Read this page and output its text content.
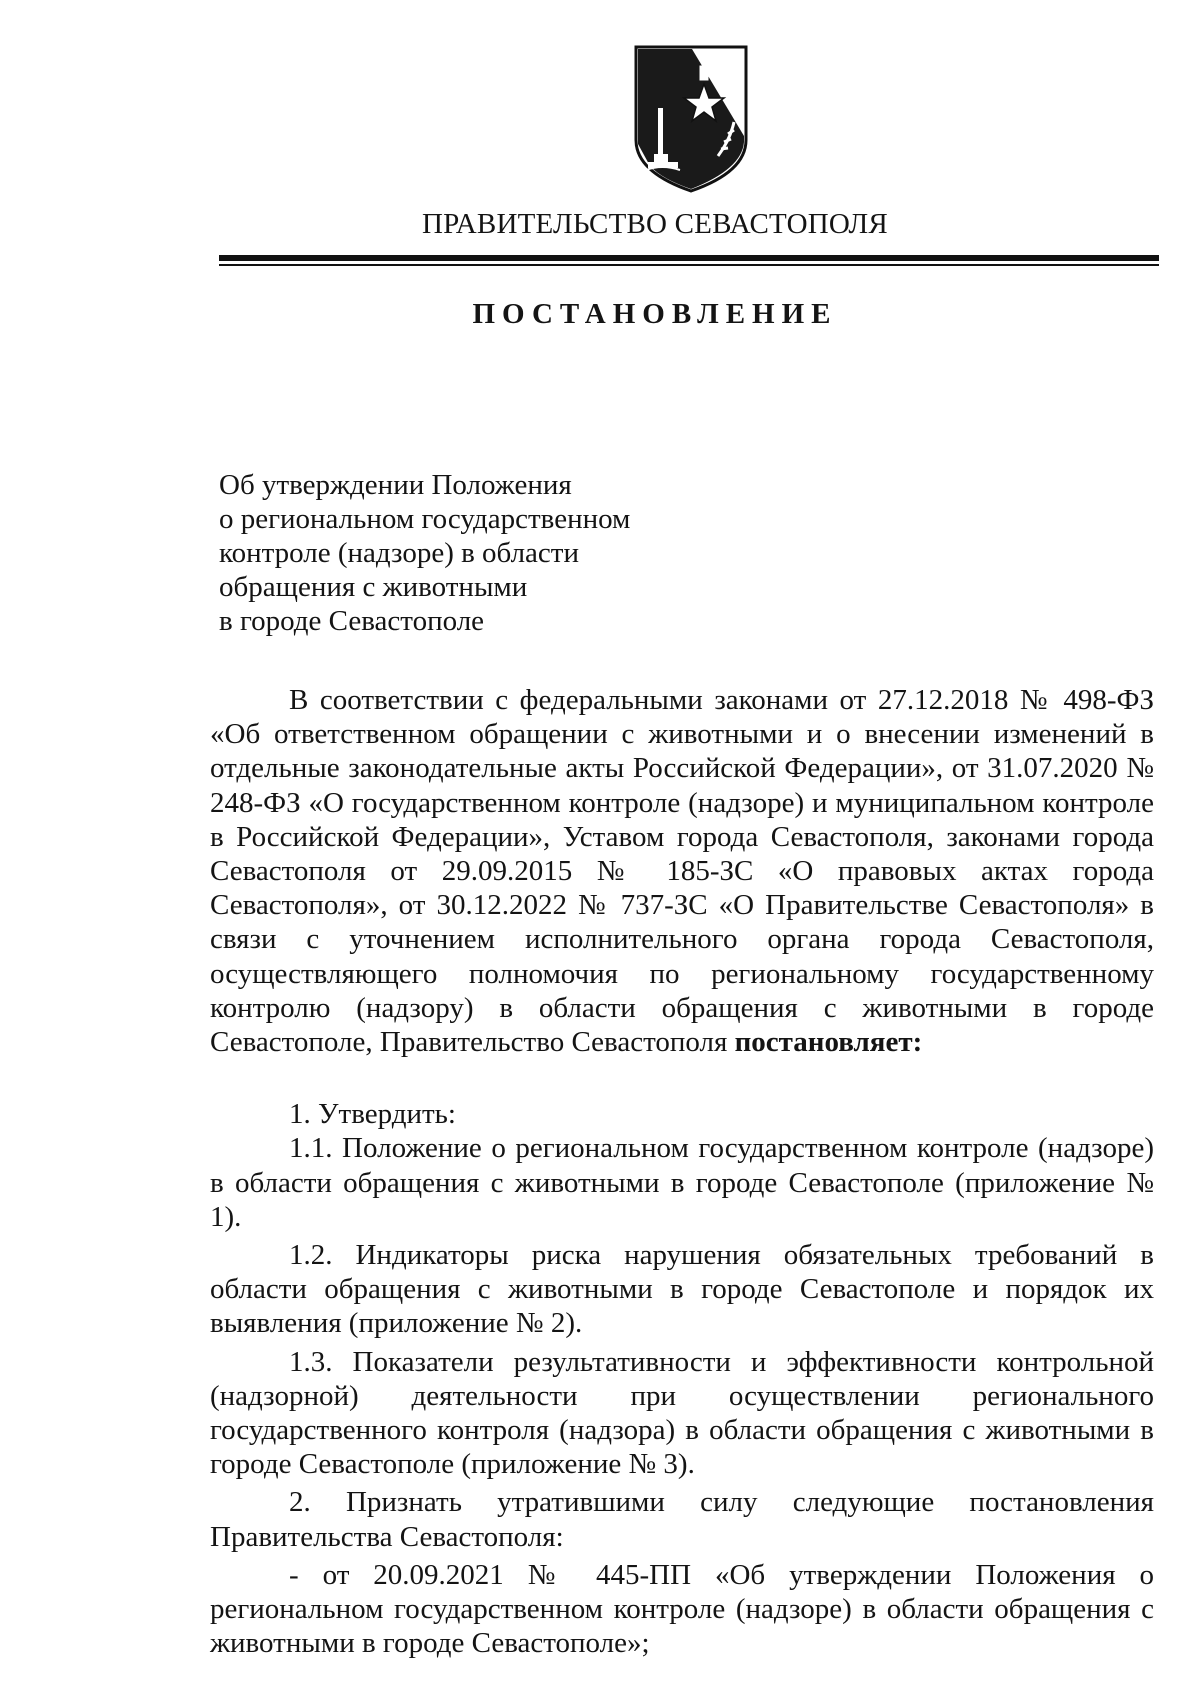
ПРАВИТЕЛЬСТВО СЕВАСТОПОЛЯ
ПОСТАНОВЛЕНИЕ
Об утверждении Положения
о региональном государственном
контроле (надзоре) в области
обращения с животными
в городе Севастополе

В соответствии с федеральными законами от 27.12.2018 № 498-ФЗ «Об ответственном обращении с животными и о внесении изменений в отдельные законодательные акты Российской Федерации», от 31.07.2020 № 248-ФЗ «О государственном контроле (надзоре) и муниципальном контроле в Российской Федерации», Уставом города Севастополя, законами города Севастополя от 29.09.2015 № 185-ЗС «О правовых актах города Севастополя», от 30.12.2022 № 737-ЗС «О Правительстве Севастополя» в связи с уточнением исполнительного органа города Севастополя, осуществляющего полномочия по региональному государственному контролю (надзору) в области обращения с животными в городе Севастополе, Правительство Севастополя постановляет:

1. Утвердить:

1.1. Положение о региональном государственном контроле (надзоре) в области обращения с животными в городе Севастополе (приложение № 1).

1.2. Индикаторы риска нарушения обязательных требований в области обращения с животными в городе Севастополе и порядок их выявления (приложение № 2).

1.3. Показатели результативности и эффективности контрольной (надзорной) деятельности при осуществлении регионального государственного контроля (надзора) в области обращения с животными в городе Севастополе (приложение № 3).

2. Признать утратившими силу следующие постановления Правительства Севастополя:

- от 20.09.2021 № 445-ПП «Об утверждении Положения о региональном государственном контроле (надзоре) в области обращения с животными в городе Севастополе»;
